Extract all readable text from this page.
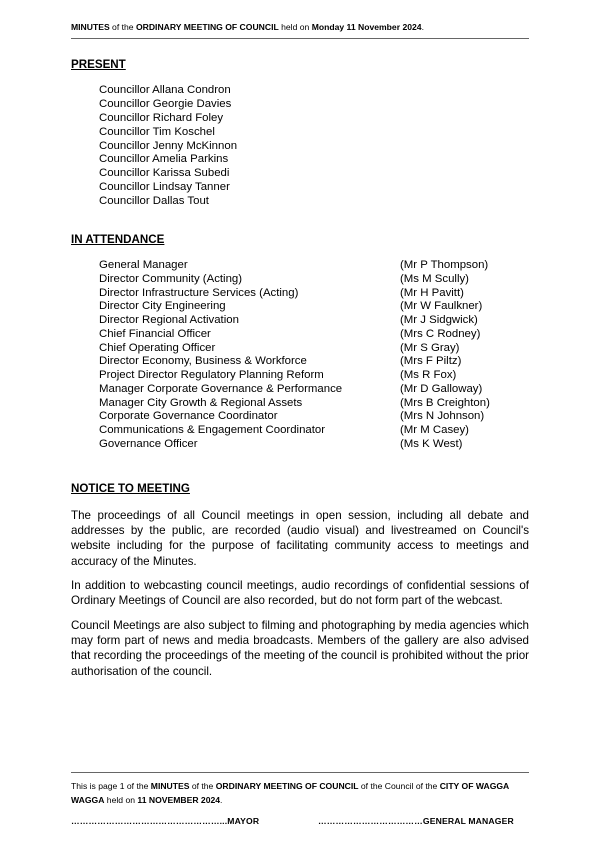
MINUTES of the ORDINARY MEETING OF COUNCIL held on Monday 11 November 2024.
PRESENT
Councillor Allana Condron
Councillor Georgie Davies
Councillor Richard Foley
Councillor Tim Koschel
Councillor Jenny McKinnon
Councillor Amelia Parkins
Councillor Karissa Subedi
Councillor Lindsay Tanner
Councillor Dallas Tout
IN ATTENDANCE
General Manager	(Mr P Thompson)
Director Community (Acting)	(Ms M Scully)
Director Infrastructure Services (Acting)	(Mr H Pavitt)
Director City Engineering	(Mr W Faulkner)
Director Regional Activation	(Mr J Sidgwick)
Chief Financial Officer	(Mrs C Rodney)
Chief Operating Officer	(Mr S Gray)
Director Economy, Business & Workforce	(Mrs F Piltz)
Project Director Regulatory Planning Reform	(Ms R Fox)
Manager Corporate Governance & Performance	(Mr D Galloway)
Manager City Growth & Regional Assets	(Mrs B Creighton)
Corporate Governance Coordinator	(Mrs N Johnson)
Communications & Engagement Coordinator	(Mr M Casey)
Governance Officer	(Ms K West)
NOTICE TO MEETING

The proceedings of all Council meetings in open session, including all debate and addresses by the public, are recorded (audio visual) and livestreamed on Council's website including for the purpose of facilitating community access to meetings and accuracy of the Minutes.

In addition to webcasting council meetings, audio recordings of confidential sessions of Ordinary Meetings of Council are also recorded, but do not form part of the webcast.

Council Meetings are also subject to filming and photographing by media agencies which may form part of news and media broadcasts. Members of the gallery are also advised that recording the proceedings of the meeting of the council is prohibited without the prior authorisation of the council.

This is page 1 of the MINUTES of the ORDINARY MEETING OF COUNCIL of the Council of the CITY OF WAGGA WAGGA held on 11 NOVEMBER 2024.
……………………………………………...MAYOR	………………………………GENERAL MANAGER
